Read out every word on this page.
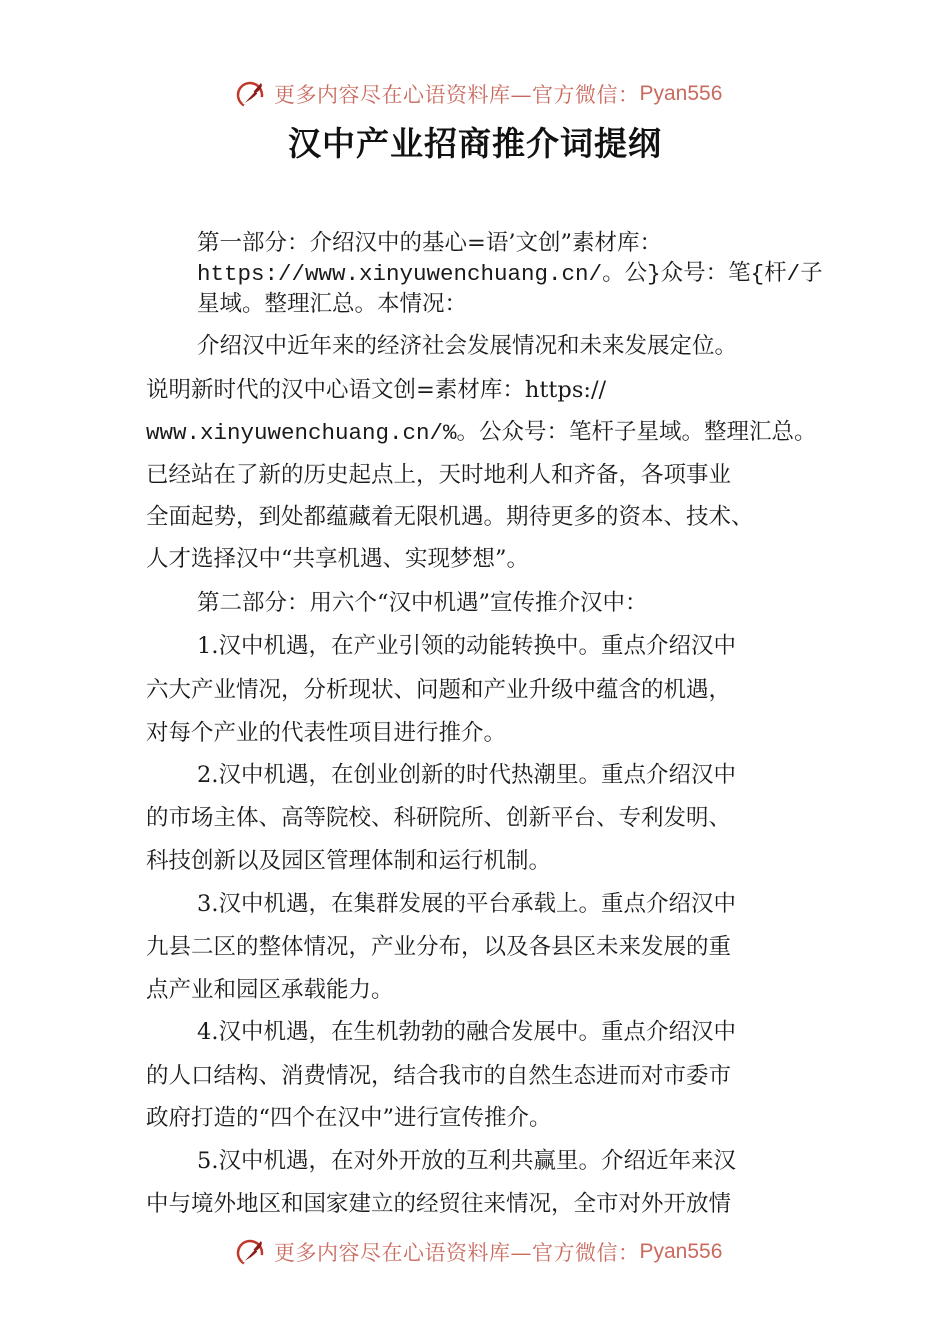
更多内容尽在心语资料库—官方微信： Pyan556
汉中产业招商推介词提纲
第一部分：介绍汉中的基心=语’文创”素材库：
https://www.xinyuwenchuang.cn/。公}众号：笔{杆/子
星域。整理汇总。本情况：
介绍汉中近年来的经济社会发展情况和未来发展定位。
说明新时代的汉中心语文创=素材库：https://
www.xinyuwenchuang.cn/%。公众号：笔杆子星域。整理汇总。
已经站在了新的历史起点上，天时地利人和齐备，各项事业
全面起势，到处都蕴藏着无限机遇。期待更多的资本、技术、
人才选择汉中“共享机遇、实现梦想”。
第二部分：用六个“汉中机遇”宣传推介汉中：
1.汉中机遇，在产业引领的动能转换中。重点介绍汉中
六大产业情况，分析现状、问题和产业升级中蕴含的机遇，
对每个产业的代表性项目进行推介。
2.汉中机遇，在创业创新的时代热潮里。重点介绍汉中
的市场主体、高等院校、科研院所、创新平台、专利发明、
科技创新以及园区管理体制和运行机制。
3.汉中机遇，在集群发展的平台承载上。重点介绍汉中
九县二区的整体情况，产业分布，以及各县区未来发展的重
点产业和园区承载能力。
4.汉中机遇，在生机勃勃的融合发展中。重点介绍汉中
的人口结构、消费情况，结合我市的自然生态进而对市委市
政府打造的“四个在汉中”进行宣传推介。
5.汉中机遇，在对外开放的互利共赢里。介绍近年来汉
中与境外地区和国家建立的经贸往来情况，全市对外开放情
更多内容尽在心语资料库—官方微信： Pyan556
